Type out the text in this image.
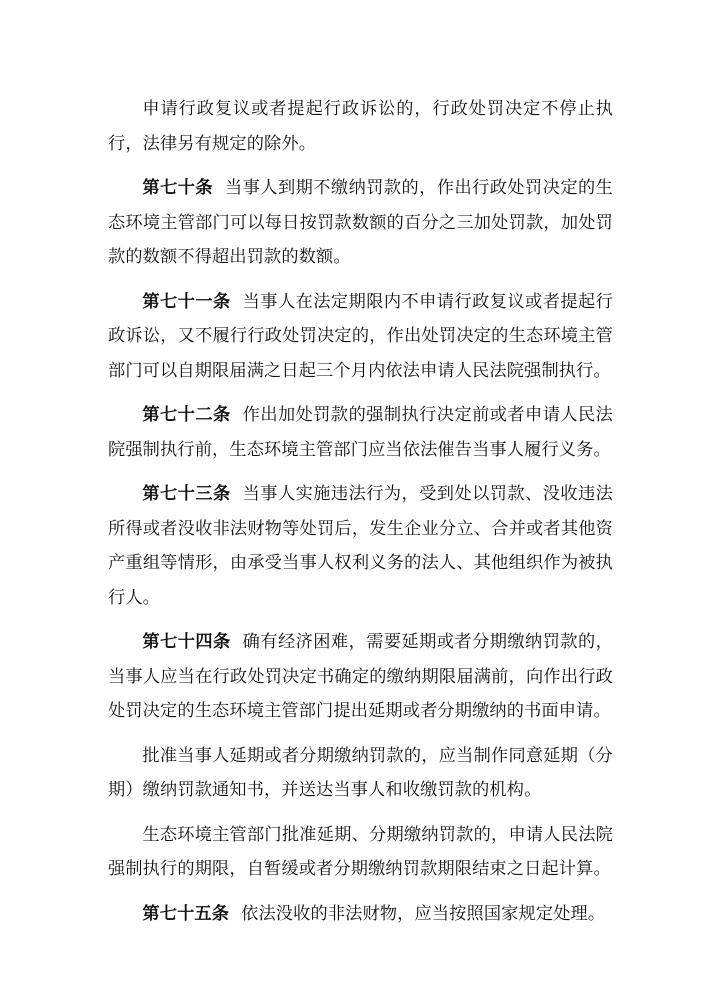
申请行政复议或者提起行政诉讼的，行政处罚决定不停止执行，法律另有规定的除外。

第七十条 当事人到期不缴纳罚款的，作出行政处罚决定的生态环境主管部门可以每日按罚款数额的百分之三加处罚款，加处罚款的数额不得超出罚款的数额。

第七十一条 当事人在法定期限内不申请行政复议或者提起行政诉讼，又不履行行政处罚决定的，作出处罚决定的生态环境主管部门可以自期限届满之日起三个月内依法申请人民法院强制执行。

第七十二条 作出加处罚款的强制执行决定前或者申请人民法院强制执行前，生态环境主管部门应当依法催告当事人履行义务。

第七十三条 当事人实施违法行为，受到处以罚款、没收违法所得或者没收非法财物等处罚后，发生企业分立、合并或者其他资产重组等情形，由承受当事人权利义务的法人、其他组织作为被执行人。

第七十四条 确有经济困难，需要延期或者分期缴纳罚款的，当事人应当在行政处罚决定书确定的缴纳期限届满前，向作出行政处罚决定的生态环境主管部门提出延期或者分期缴纳的书面申请。

批准当事人延期或者分期缴纳罚款的，应当制作同意延期（分期）缴纳罚款通知书，并送达当事人和收缴罚款的机构。

生态环境主管部门批准延期、分期缴纳罚款的，申请人民法院强制执行的期限，自暂缓或者分期缴纳罚款期限结束之日起计算。

第七十五条 依法没收的非法财物，应当按照国家规定处理。
